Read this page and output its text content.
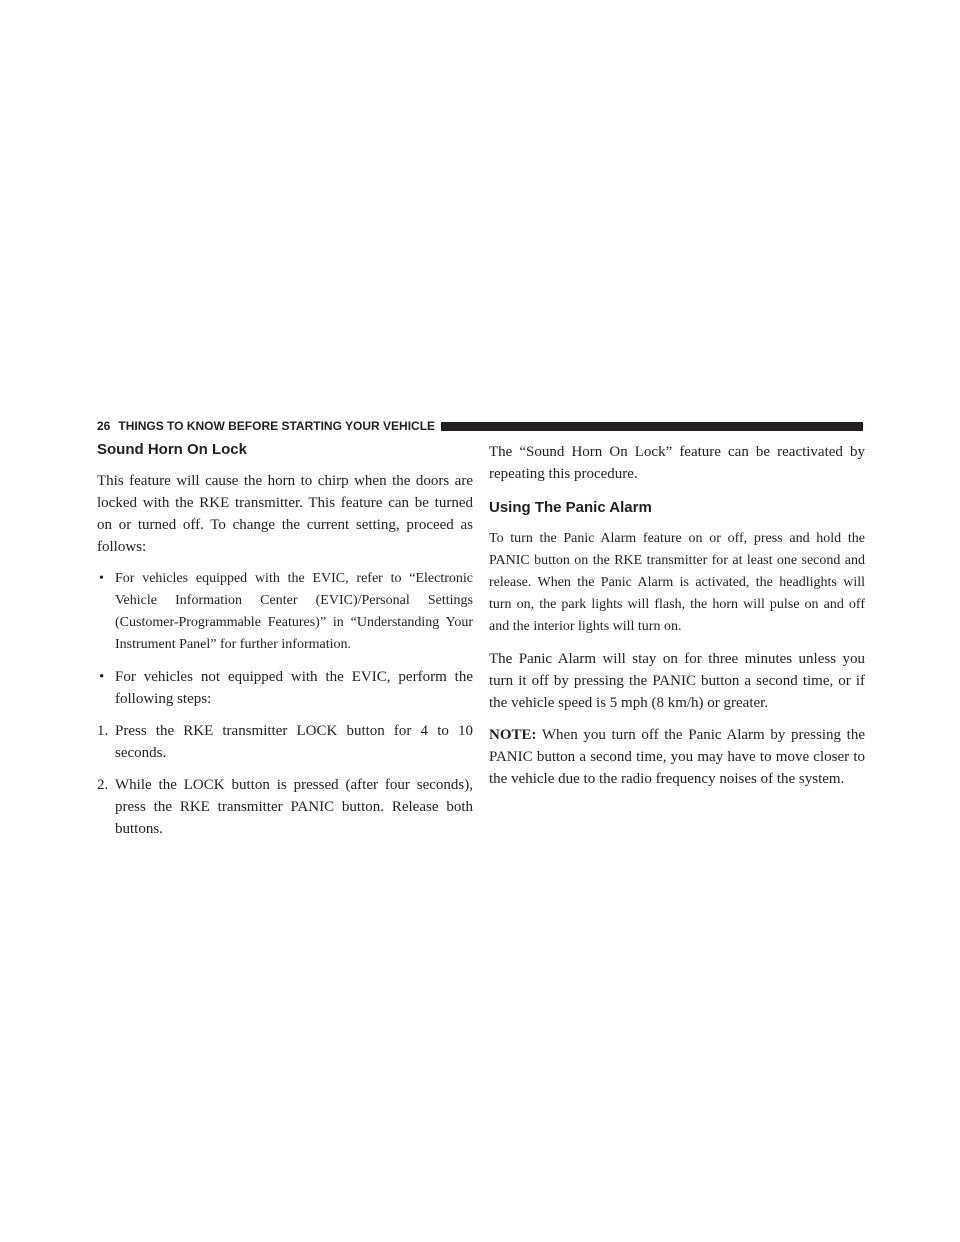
26 THINGS TO KNOW BEFORE STARTING YOUR VEHICLE
Sound Horn On Lock

This feature will cause the horn to chirp when the doors are locked with the RKE transmitter. This feature can be turned on or turned off. To change the current setting, proceed as follows:

• For vehicles equipped with the EVIC, refer to “Electronic Vehicle Information Center (EVIC)/Personal Settings (Customer-Programmable Features)” in “Understanding Your Instrument Panel” for further information.
• For vehicles not equipped with the EVIC, perform the following steps:
1. Press the RKE transmitter LOCK button for 4 to 10 seconds.
2. While the LOCK button is pressed (after four seconds), press the RKE transmitter PANIC button. Release both buttons.

The “Sound Horn On Lock” feature can be reactivated by repeating this procedure.

Using The Panic Alarm

To turn the Panic Alarm feature on or off, press and hold the PANIC button on the RKE transmitter for at least one second and release. When the Panic Alarm is activated, the headlights will turn on, the park lights will flash, the horn will pulse on and off and the interior lights will turn on.

The Panic Alarm will stay on for three minutes unless you turn it off by pressing the PANIC button a second time, or if the vehicle speed is 5 mph (8 km/h) or greater.

NOTE: When you turn off the Panic Alarm by pressing the PANIC button a second time, you may have to move closer to the vehicle due to the radio frequency noises of the system.
